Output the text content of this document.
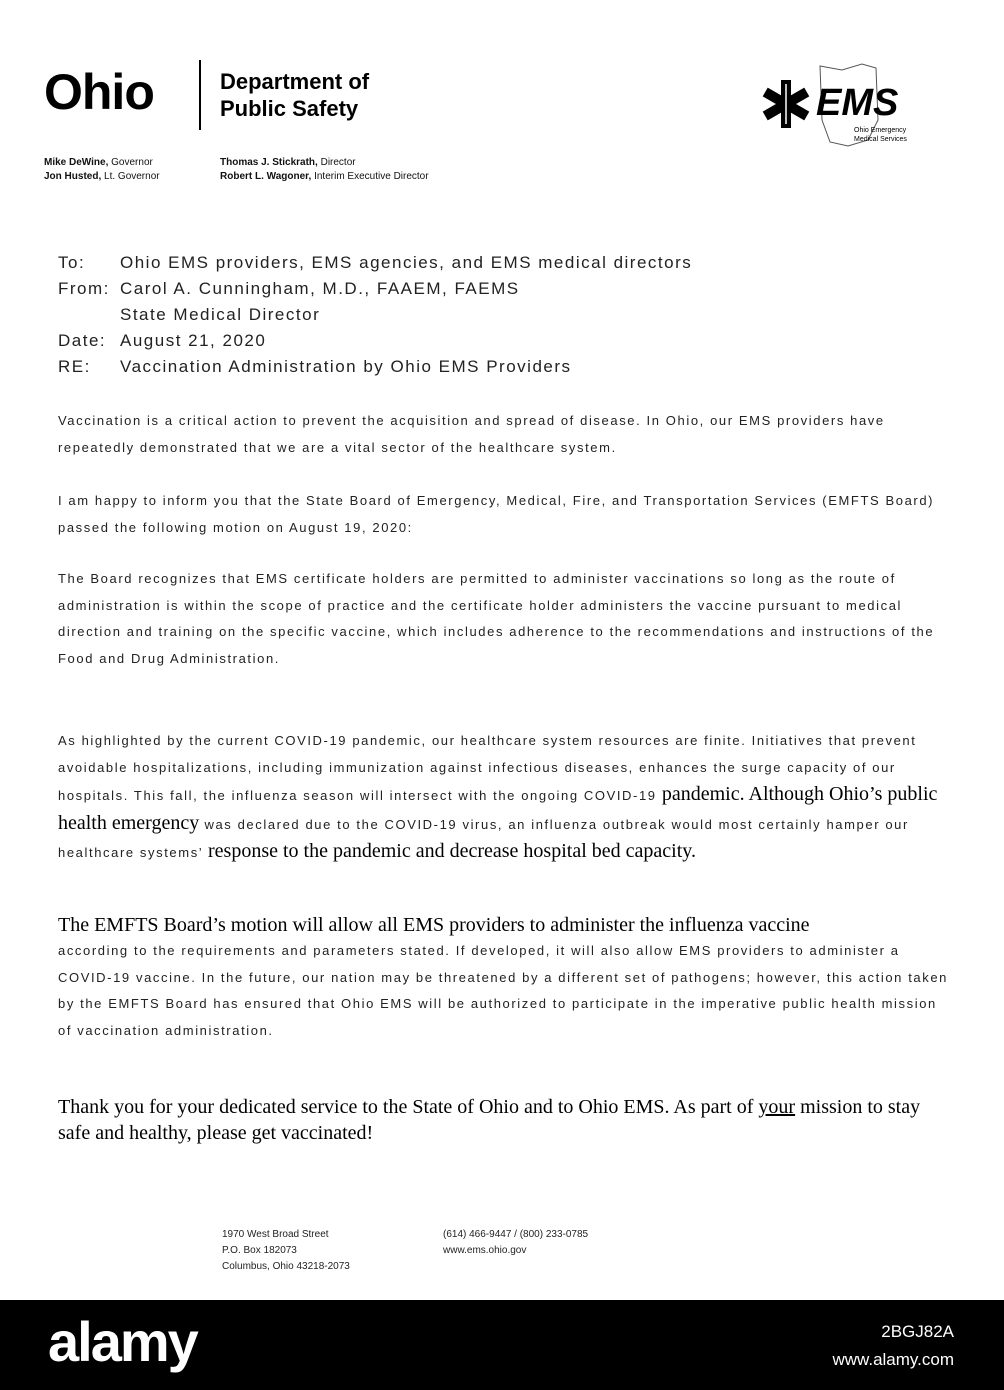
Ohio	Department of
Public Safety
Mike DeWine, Governor
Jon Husted, Lt. Governor
Thomas J. Stickrath, Director
Robert L. Wagoner, Interim Executive Director
EMS
Ohio Emergency
Medical Services
To: Ohio EMS providers, EMS agencies, and EMS medical directors
From: Carol A. Cunningham, M.D., FAAEM, FAEMS
State Medical Director
Date: August 21, 2020
RE: Vaccination Administration by Ohio EMS Providers
Vaccination is a critical action to prevent the acquisition and spread of disease. In Ohio, our EMS providers have repeatedly demonstrated that we are a vital sector of the healthcare system.
I am happy to inform you that the State Board of Emergency, Medical, Fire, and Transportation Services (EMFTS Board) passed the following motion on August 19, 2020:
The Board recognizes that EMS certificate holders are permitted to administer vaccinations so long as the route of administration is within the scope of practice and the certificate holder administers the vaccine pursuant to medical direction and training on the specific vaccine, which includes adherence to the recommendations and instructions of the Food and Drug Administration.
As highlighted by the current COVID-19 pandemic, our healthcare system resources are finite. Initiatives that prevent avoidable hospitalizations, including immunization against infectious diseases, enhances the surge capacity of our hospitals. This fall, the influenza season will intersect with the ongoing COVID-19 pandemic. Although Ohio’s public health emergency was declared due to the COVID-19 virus, an influenza outbreak would most certainly hamper our healthcare systems’ response to the pandemic and decrease hospital bed capacity.
The EMFTS Board’s motion will allow all EMS providers to administer the influenza vaccine
according to the requirements and parameters stated. If developed, it will also allow EMS providers to administer a COVID-19 vaccine. In the future, our nation may be threatened by a different set of pathogens; however, this action taken by the EMFTS Board has ensured that Ohio EMS will be authorized to participate in the imperative public health mission of vaccination administration.
Thank you for your dedicated service to the State of Ohio and to Ohio EMS. As part of your mission to stay safe and healthy, please get vaccinated!
1970 West Broad Street
P.O. Box 182073
Columbus, Ohio 43218-2073
(614) 466-9447 / (800) 233-0785
www.ems.ohio.gov
alamy	2BGJ82A
www.alamy.com
